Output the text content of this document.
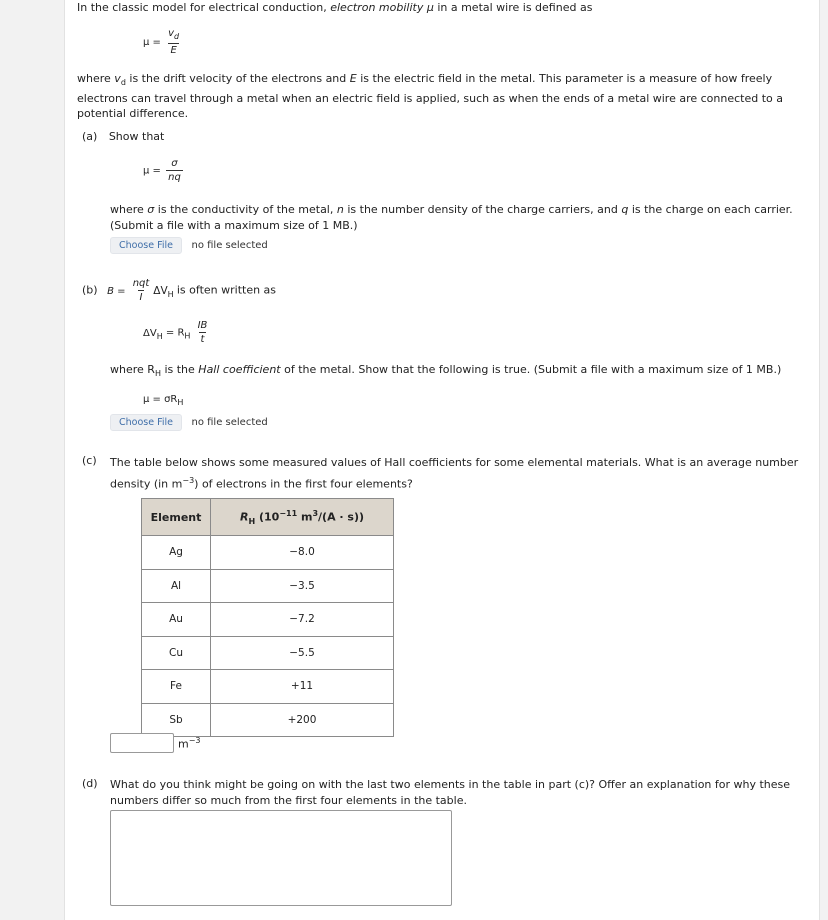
In the classic model for electrical conduction, electron mobility μ in a metal wire is defined as
$\mu = \frac{v_d}{E}$
where $v_d$ is the drift velocity of the electrons and E is the electric field in the metal. This parameter is a measure of how freely electrons can travel through a metal when an electric field is applied, such as when the ends of a metal wire are connected to a potential difference.
(a) Show that
$\mu = \frac{\sigma}{nq}$
where σ is the conductivity of the metal, n is the number density of the charge carriers, and q is the charge on each carrier. (Submit a file with a maximum size of 1 MB.)
Choose File no file selected
(b) $B = \frac{\text{nqt}}{I} \Delta V_H$ is often written as
$\Delta V_H = R_H \frac{IB}{t}$
where $R_H$ is the Hall coefficient of the metal. Show that the following is true. (Submit a file with a maximum size of 1 MB.)
$\mu = \sigma R_H$
Choose File no file selected
(c) The table below shows some measured values of Hall coefficients for some elemental materials. What is an average number density (in $m^{-3}$) of electrons in the first four elements?
Element	$R_H$ ($10^{-11}$ $m^3/(A \cdot s)$)
Ag	−8.0
Al	−3.5
Au	−7.2
Cu	−5.5
Fe	+11
Sb	+200
$m^{-3}$
(d) What do you think might be going on with the last two elements in the table in part (c)? Offer an explanation for why these numbers differ so much from the first four elements in the table.
